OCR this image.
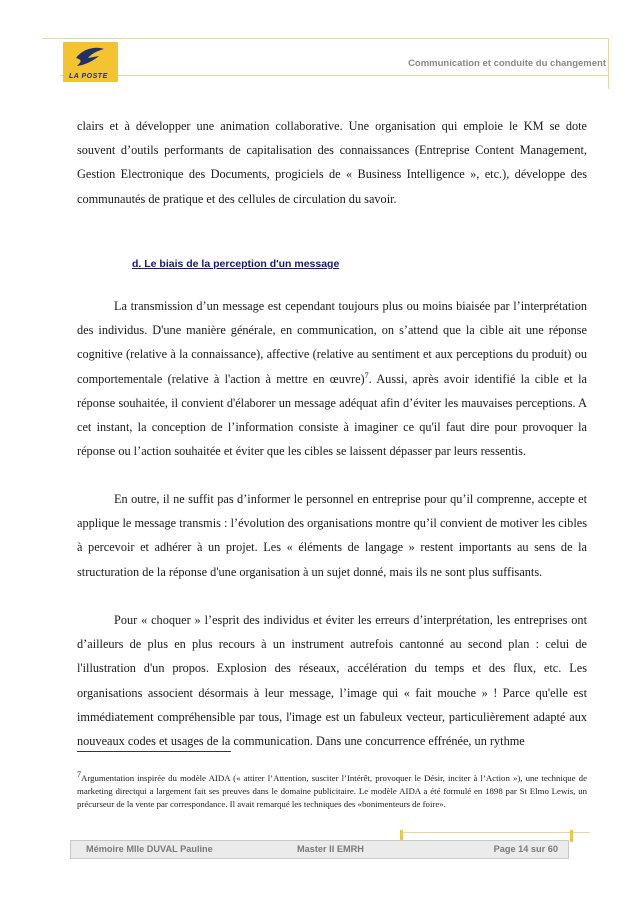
LA POSTE
Communication et conduite du changement

clairs et à développer une animation collaborative. Une organisation qui emploie le KM se dote souvent d’outils performants de capitalisation des connaissances (Entreprise Content Management, Gestion Electronique des Documents, progiciels de « Business Intelligence », etc.), développe des communautés de pratique et des cellules de circulation du savoir.

d. Le biais de la perception d'un message

La transmission d’un message est cependant toujours plus ou moins biaisée par l’interprétation des individus. D'une manière générale, en communication, on s’attend que la cible ait une réponse cognitive (relative à la connaissance), affective (relative au sentiment et aux perceptions du produit) ou comportementale (relative à l'action à mettre en œuvre)$^7$. Aussi, après avoir identifié la cible et la réponse souhaitée, il convient d'élaborer un message adéquat afin d’éviter les mauvaises perceptions. A cet instant, la conception de l’information consiste à imaginer ce qu'il faut dire pour provoquer la réponse ou l’action souhaitée et éviter que les cibles se laissent dépasser par leurs ressentis.

En outre, il ne suffit pas d’informer le personnel en entreprise pour qu’il comprenne, accepte et applique le message transmis : l’évolution des organisations montre qu’il convient de motiver les cibles à percevoir et adhérer à un projet. Les « éléments de langage » restent importants au sens de la structuration de la réponse d'une organisation à un sujet donné, mais ils ne sont plus suffisants.

Pour « choquer » l’esprit des individus et éviter les erreurs d’interprétation, les entreprises ont d’ailleurs de plus en plus recours à un instrument autrefois cantonné au second plan : celui de l'illustration d'un propos. Explosion des réseaux, accélération du temps et des flux, etc. Les organisations associent désormais à leur message, l’image qui « fait mouche » ! Parce qu'elle est immédiatement compréhensible par tous, l'image est un fabuleux vecteur, particulièrement adapté aux nouveaux codes et usages de la communication. Dans une concurrence effrénée, un rythme

$^7$Argumentation inspirée du modèle AIDA (« attirer l’Attention, susciter l’Intérêt, provoquer le Désir, inciter à l’Action »), une technique de marketing directqui a largement fait ses preuves dans le domaine publicitaire. Le modèle AIDA a été formulé en 1898 par St Elmo Lewis, un précurseur de la vente par correspondance. Il avait remarqué les techniques des «bonimenteurs de foire».

Mémoire Mlle DUVAL Pauline	Master II EMRH	Page 14 sur 60
